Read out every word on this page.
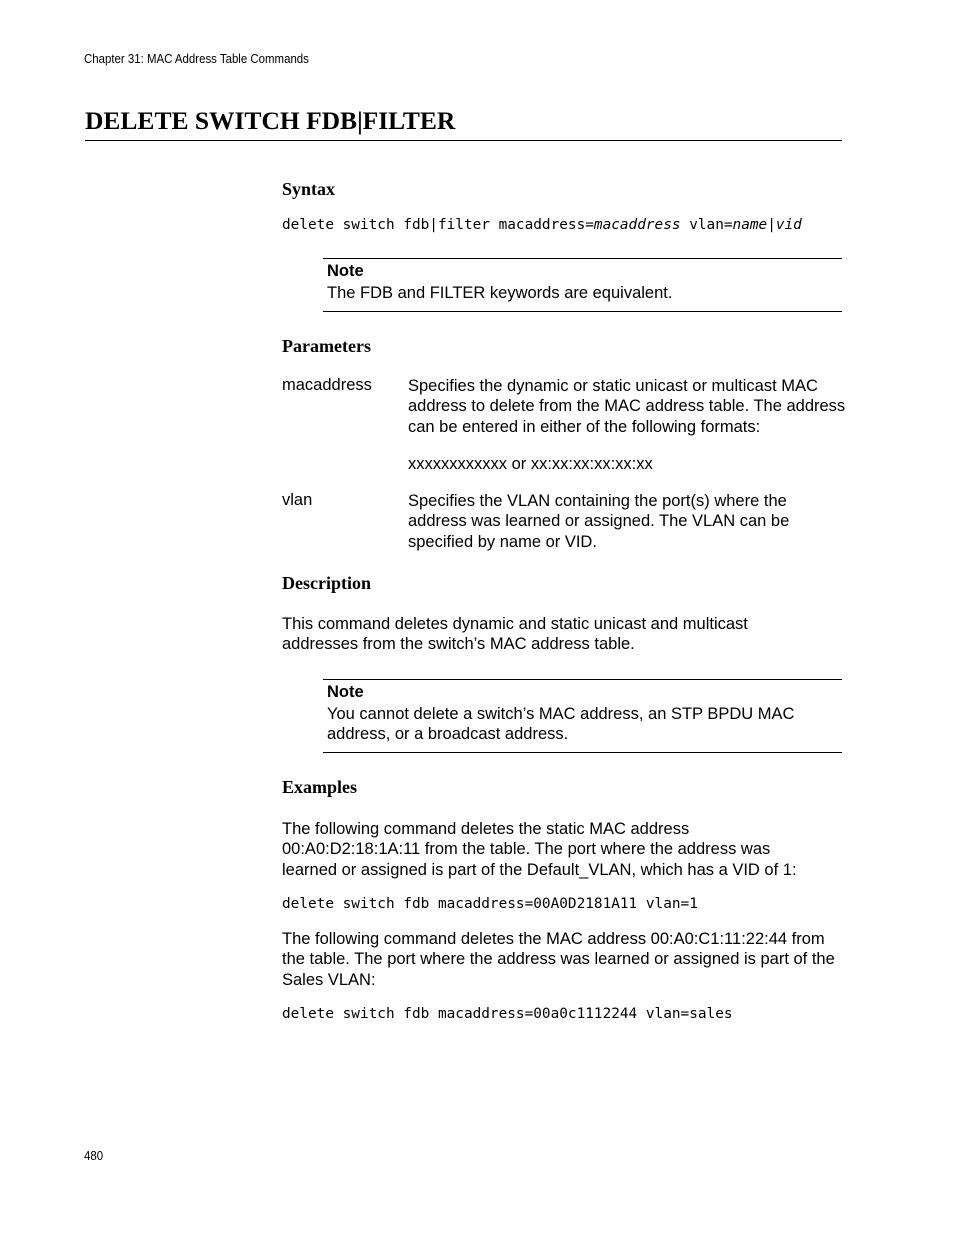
Chapter 31: MAC Address Table Commands
DELETE SWITCH FDB|FILTER
Syntax
delete switch fdb|filter macaddress=macaddress vlan=name|vid
Note
The FDB and FILTER keywords are equivalent.
Parameters
macaddress Specifies the dynamic or static unicast or multicast MAC address to delete from the MAC address table. The address can be entered in either of the following formats:
xxxxxxxxxxxx or xx:xx:xx:xx:xx:xx
vlan	Specifies the VLAN containing the port(s) where the address was learned or assigned. The VLAN can be specified by name or VID.
Description
This command deletes dynamic and static unicast and multicast addresses from the switch’s MAC address table.
Note
You cannot delete a switch’s MAC address, an STP BPDU MAC address, or a broadcast address.
Examples
The following command deletes the static MAC address 00:A0:D2:18:1A:11 from the table. The port where the address was learned or assigned is part of the Default_VLAN, which has a VID of 1:
delete switch fdb macaddress=00A0D2181A11 vlan=1
The following command deletes the MAC address 00:A0:C1:11:22:44 from the table. The port where the address was learned or assigned is part of the Sales VLAN:
delete switch fdb macaddress=00a0c1112244 vlan=sales
480
